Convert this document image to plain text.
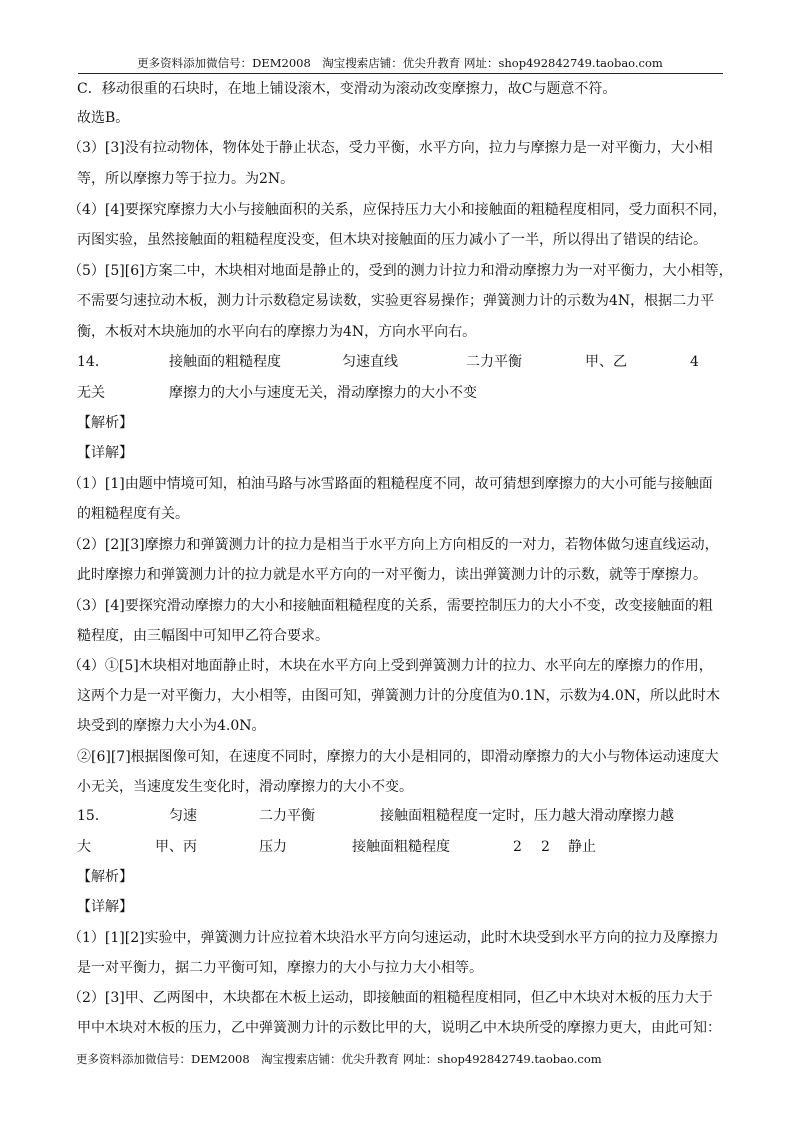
更多资料添加微信号：DEM2008　淘宝搜索店铺：优尖升教育 网址：shop492842749.taobao.com
C．移动很重的石块时，在地上铺设滚木，变滑动为滚动改变摩擦力，故C与题意不符。
故选B。
（3）[3]没有拉动物体，物体处于静止状态，受力平衡，水平方向，拉力与摩擦力是一对平衡力，大小相
等，所以摩擦力等于拉力。为2N。
（4）[4]要探究摩擦力大小与接触面积的关系，应保持压力大小和接触面的粗糙程度相同，受力面积不同，
丙图实验，虽然接触面的粗糙程度没变，但木块对接触面的压力减小了一半，所以得出了错误的结论。
（5）[5][6]方案二中，木块相对地面是静止的，受到的测力计拉力和滑动摩擦力为一对平衡力，大小相等，
不需要匀速拉动木板，测力计示数稳定易读数，实验更容易操作；弹簧测力计的示数为4N，根据二力平
衡，木板对木块施加的水平向右的摩擦力为4N，方向水平向右。
14．	接触面的粗糙程度	匀速直线	二力平衡	甲、乙	4
无关	摩擦力的大小与速度无关，滑动摩擦力的大小不变
【解析】
【详解】
（1）[1]由题中情境可知，柏油马路与冰雪路面的粗糙程度不同，故可猜想到摩擦力的大小可能与接触面
的粗糙程度有关。
（2）[2][3]摩擦力和弹簧测力计的拉力是相当于水平方向上方向相反的一对力，若物体做匀速直线运动，
此时摩擦力和弹簧测力计的拉力就是水平方向的一对平衡力，读出弹簧测力计的示数，就等于摩擦力。
（3）[4]要探究滑动摩擦力的大小和接触面粗糙程度的关系，需要控制压力的大小不变，改变接触面的粗
糙程度，由三幅图中可知甲乙符合要求。
（4）①[5]木块相对地面静止时，木块在水平方向上受到弹簧测力计的拉力、水平向左的摩擦力的作用，
这两个力是一对平衡力，大小相等，由图可知，弹簧测力计的分度值为0.1N，示数为4.0N，所以此时木
块受到的摩擦力大小为4.0N。
②[6][7]根据图像可知，在速度不同时，摩擦力的大小是相同的，即滑动摩擦力的大小与物体运动速度大
小无关，当速度发生变化时，滑动摩擦力的大小不变。
15．	匀速	二力平衡	接触面粗糙程度一定时，压力越大滑动摩擦力越
大	甲、丙	压力	接触面粗糙程度	2 2 静止
【解析】
【详解】
（1）[1][2]实验中，弹簧测力计应拉着木块沿水平方向匀速运动，此时木块受到水平方向的拉力及摩擦力
是一对平衡力，据二力平衡可知，摩擦力的大小与拉力大小相等。
（2）[3]甲、乙两图中，木块都在木板上运动，即接触面的粗糙程度相同，但乙中木块对木板的压力大于
甲中木块对木板的压力，乙中弹簧测力计的示数比甲的大，说明乙中木块所受的摩擦力更大，由此可知：
更多资料添加微信号：DEM2008　淘宝搜索店铺：优尖升教育 网址：shop492842749.taobao.com
